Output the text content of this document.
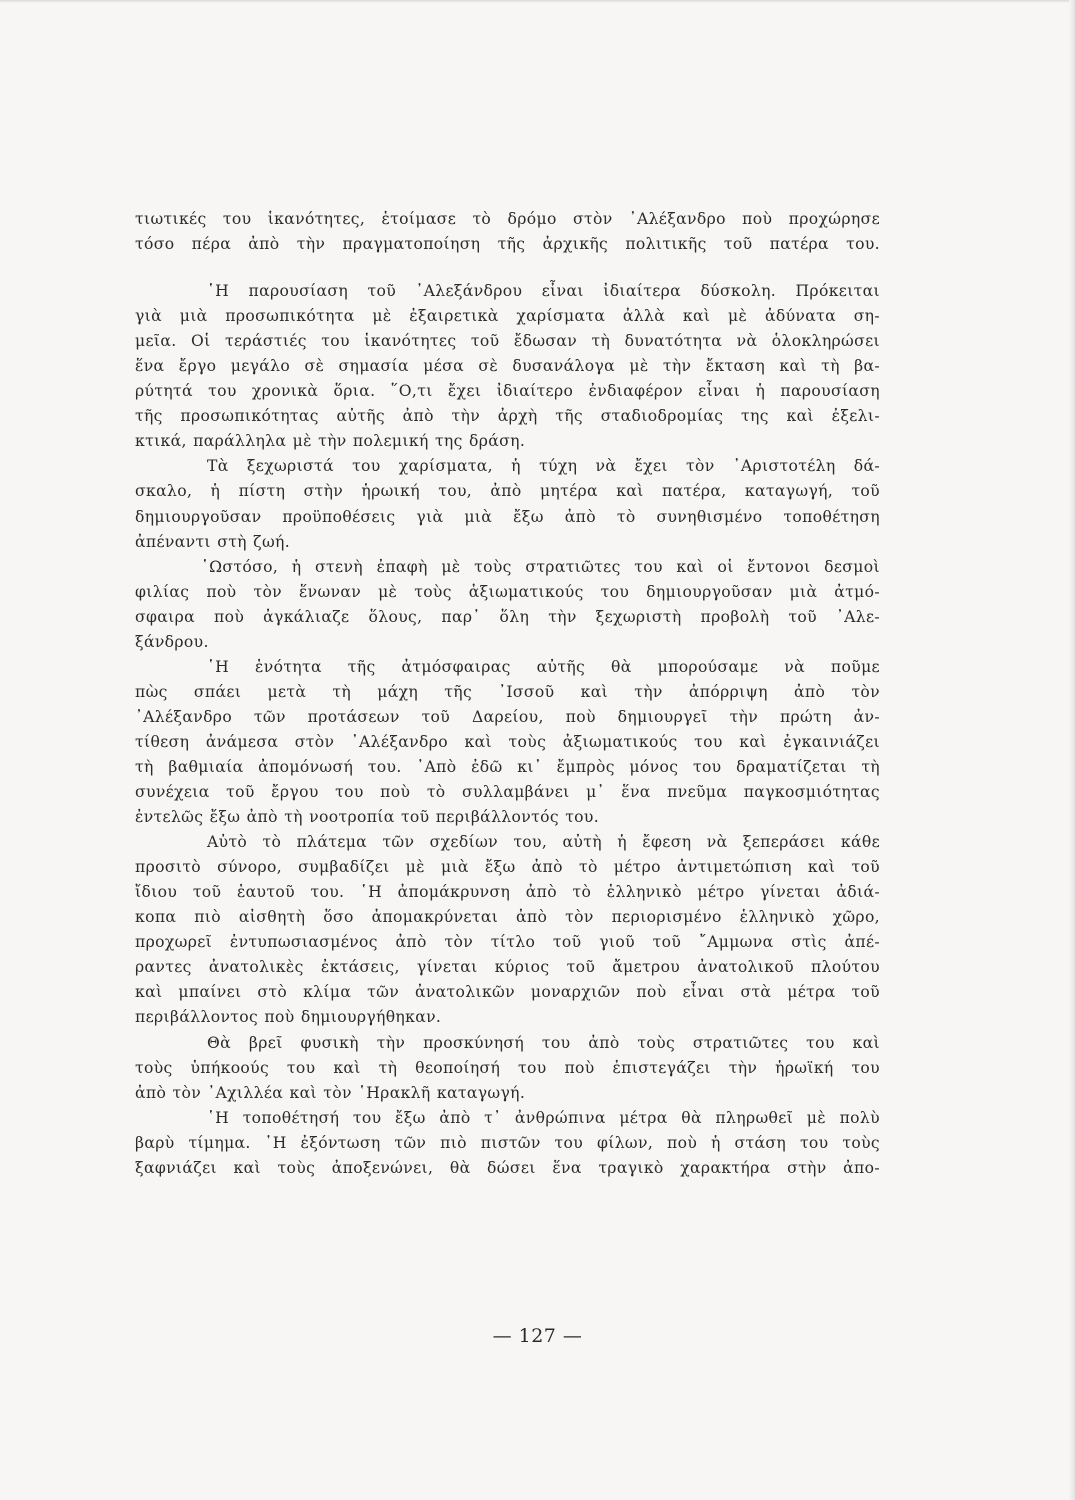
τιωτικές του ἱκανότητες, ἑτοίμασε τὸ δρόμο στὸν ᾿Αλέξανδρο ποὺ προχώρησε
τόσο πέρα ἀπὸ τὴν πραγματοποίηση τῆς ἀρχικῆς πολιτικῆς τοῦ πατέρα του.
῾Η παρουσίαση τοῦ ᾿Αλεξάνδρου εἶναι ἰδιαίτερα δύσκολη. Πρόκειται
γιὰ μιὰ προσωπικότητα μὲ ἐξαιρετικὰ χαρίσματα ἀλλὰ καὶ μὲ ἀδύνατα ση-
μεῖα. Οἱ τεράστιές του ἱκανότητες τοῦ ἔδωσαν τὴ δυνατότητα νὰ ὁλοκληρώσει
ἕνα ἔργο μεγάλο σὲ σημασία μέσα σὲ δυσανάλογα μὲ τὴν ἔκταση καὶ τὴ βα-
ρύτητά του χρονικὰ ὅρια. ῞Ο,τι ἔχει ἰδιαίτερο ἐνδιαφέρον εἶναι ἡ παρουσίαση
τῆς προσωπικότητας αὐτῆς ἀπὸ τὴν ἀρχὴ τῆς σταδιοδρομίας της καὶ ἐξελι-
κτικά, παράλληλα μὲ τὴν πολεμική της δράση.
Τὰ ξεχωριστά του χαρίσματα, ἡ τύχη νὰ ἔχει τὸν ᾿Αριστοτέλη δά-
σκαλο, ἡ πίστη στὴν ἡρωική του, ἀπὸ μητέρα καὶ πατέρα, καταγωγή, τοῦ
δημιουργοῦσαν προϋποθέσεις γιὰ μιὰ ἔξω ἀπὸ τὸ συνηθισμένο τοποθέτηση
ἀπέναντι στὴ ζωή.
῾Ωστόσο, ἡ στενὴ ἐπαφὴ μὲ τοὺς στρατιῶτες του καὶ οἱ ἔντονοι δεσμοὶ
φιλίας ποὺ τὸν ἕνωναν μὲ τοὺς ἀξιωματικούς του δημιουργοῦσαν μιὰ ἀτμό-
σφαιρα ποὺ ἀγκάλιαζε ὅλους, παρ᾿ ὅλη τὴν ξεχωριστὴ προβολὴ τοῦ ᾿Αλε-
ξάνδρου.
῾Η ἑνότητα τῆς ἀτμόσφαιρας αὐτῆς θὰ μπορούσαμε νὰ ποῦμε
πὼς σπάει μετὰ τὴ μάχη τῆς ᾿Ισσοῦ καὶ τὴν ἀπόρριψη ἀπὸ τὸν
᾿Αλέξανδρο τῶν προτάσεων τοῦ Δαρείου, ποὺ δημιουργεῖ τὴν πρώτη ἀν-
τίθεση ἀνάμεσα στὸν ᾿Αλέξανδρο καὶ τοὺς ἀξιωματικούς του καὶ ἐγκαινιάζει
τὴ βαθμιαία ἀπομόνωσή του. ᾿Απὸ ἐδῶ κι᾿ ἔμπρὸς μόνος του δραματίζεται τὴ
συνέχεια τοῦ ἔργου του ποὺ τὸ συλλαμβάνει μ᾿ ἕνα πνεῦμα παγκοσμιότητας
ἐντελῶς ἔξω ἀπὸ τὴ νοοτροπία τοῦ περιβάλλοντός του.
Αὐτὸ τὸ πλάτεμα τῶν σχεδίων του, αὐτὴ ἡ ἔφεση νὰ ξεπεράσει κάθε
προσιτὸ σύνορο, συμβαδίζει μὲ μιὰ ἔξω ἀπὸ τὸ μέτρο ἀντιμετώπιση καὶ τοῦ
ἴδιου τοῦ ἑαυτοῦ του. ῾Η ἀπομάκρυνση ἀπὸ τὸ ἑλληνικὸ μέτρο γίνεται ἀδιά-
κοπα πιὸ αἰσθητὴ ὅσο ἀπομακρύνεται ἀπὸ τὸν περιορισμένο ἑλληνικὸ χῶρο,
προχωρεῖ ἐντυπωσιασμένος ἀπὸ τὸν τίτλο τοῦ γιοῦ τοῦ ῎Αμμωνα στὶς ἀπέ-
ραντες ἀνατολικὲς ἐκτάσεις, γίνεται κύριος τοῦ ἄμετρου ἀνατολικοῦ πλούτου
καὶ μπαίνει στὸ κλίμα τῶν ἀνατολικῶν μοναρχιῶν ποὺ εἶναι στὰ μέτρα τοῦ
περιβάλλοντος ποὺ δημιουργήθηκαν.
Θὰ βρεῖ φυσικὴ τὴν προσκύνησή του ἀπὸ τοὺς στρατιῶτες του καὶ
τοὺς ὑπήκοούς του καὶ τὴ θεοποίησή του ποὺ ἐπιστεγάζει τὴν ἡρωϊκή του
ἀπὸ τὸν ᾿Αχιλλέα καὶ τὸν ῾Ηρακλῆ καταγωγή.
῾Η τοποθέτησή του ἔξω ἀπὸ τ᾿ ἀνθρώπινα μέτρα θὰ πληρωθεῖ μὲ πολὺ
βαρὺ τίμημα. ῾Η ἐξόντωση τῶν πιὸ πιστῶν του φίλων, ποὺ ἡ στάση του τοὺς
ξαφνιάζει καὶ τοὺς ἀποξενώνει, θὰ δώσει ἕνα τραγικὸ χαρακτήρα στὴν ἀπο-
— 127 —
